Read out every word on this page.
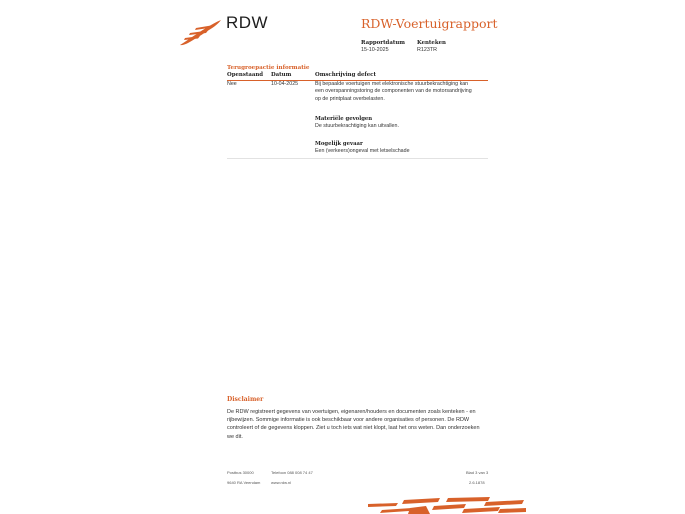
RDW	RDW-Voertuigrapport
Rapportdatum
15-10-2025
Kenteken
R123TR
Terugroepactie informatie
Openstaand Datum	Omschrijving defect
Nee	10-04-2025	Bij bepaalde voertuigen met elektronische stuurbekrachtiging kan
een overspanningstoring de componenten van de motorsandrijving
op de printplaat overbelasten.
Materiële gevolgen
De stuurbekrachtiging kan uitvallen.
Mogelijk gevaar
Een (verkeers)ongeval met letselschade
Disclaimer
De RDW registreert gegevens van voertuigen, eigenaren/houders en documenten zoals kenteken - en
rijbewijzen. Sommige informatie is ook beschikbaar voor andere organisaties of personen. De RDW
controleert of de gegevens kloppen. Ziet u toch iets wat niet klopt, laat het ons weten. Dan onderzoeken
we dit.
Postbus 30000
9640 RA Veendam
Telefoon 088 008 74 47
www.rdw.nl
Blad 3 van 3
2.6.1878
